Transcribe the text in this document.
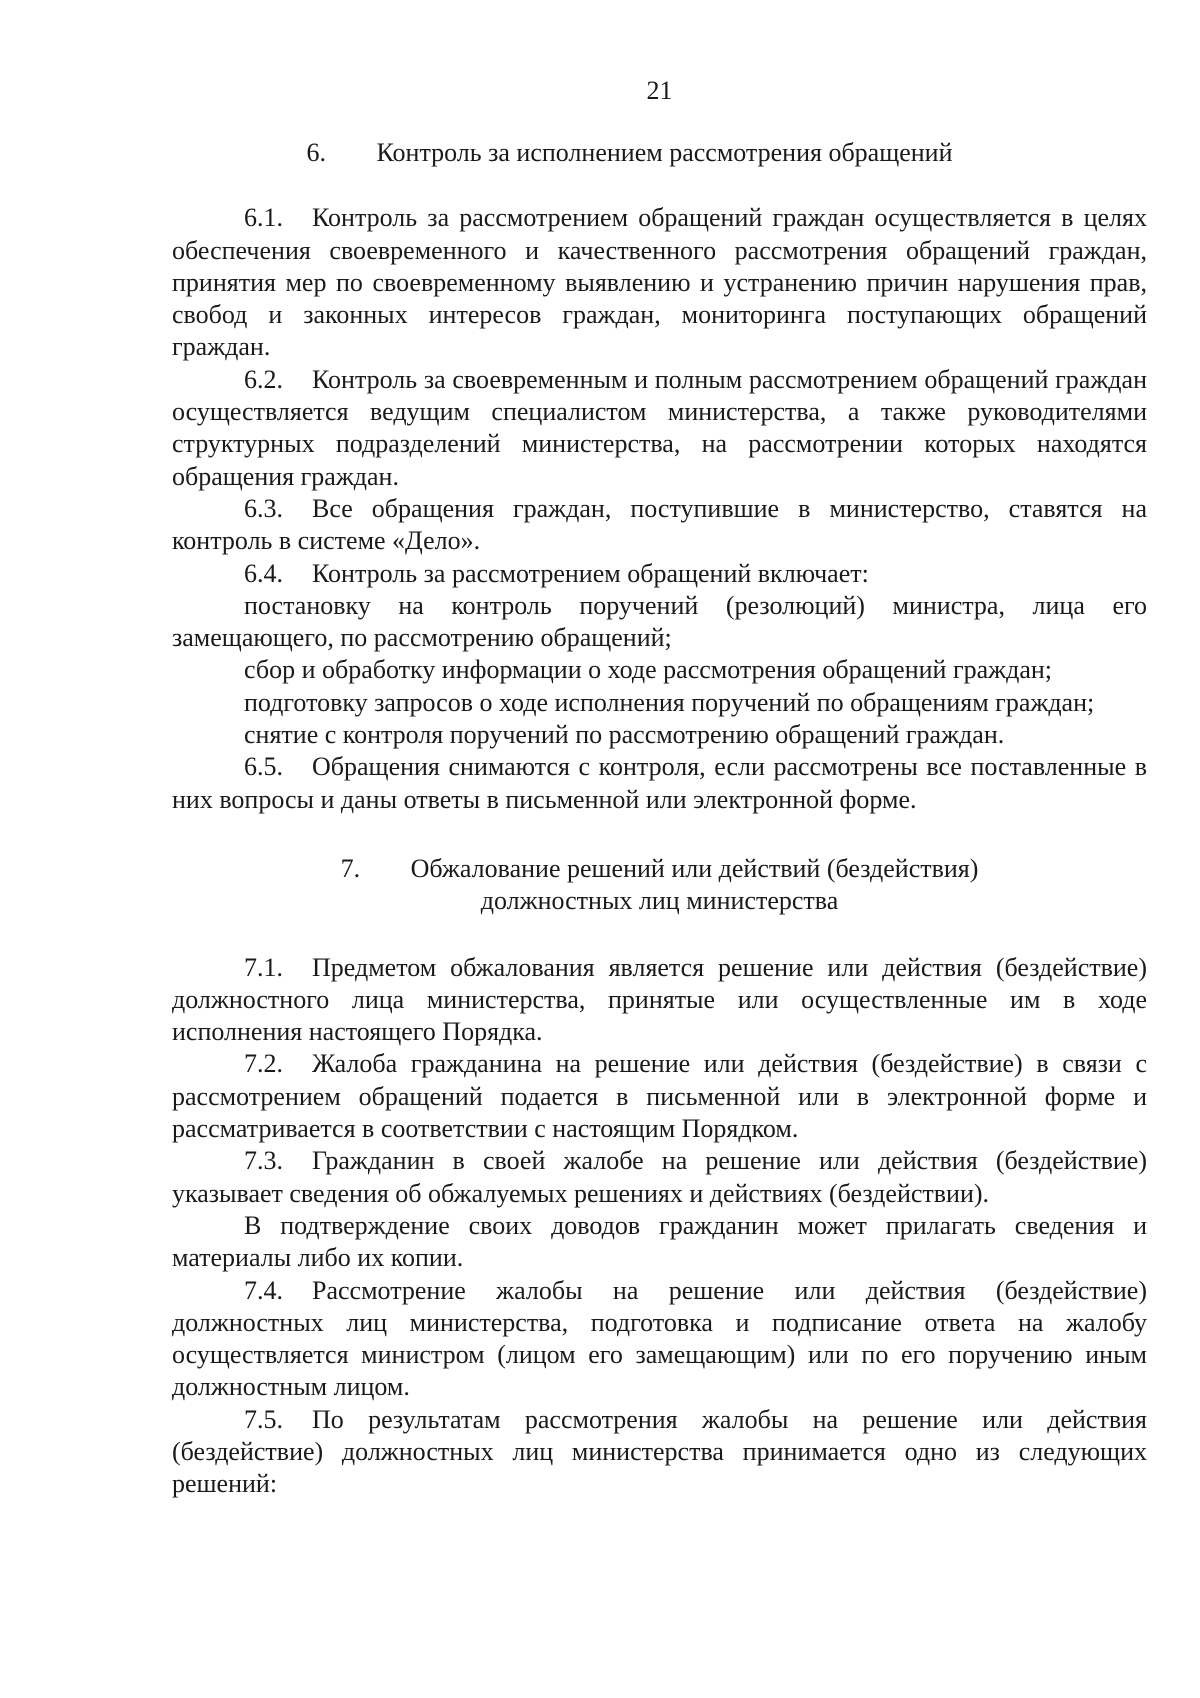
21
6. Контроль за исполнением рассмотрения обращений

6.1. Контроль за рассмотрением обращений граждан осуществляется в целях обеспечения своевременного и качественного рассмотрения обращений граждан, принятия мер по своевременному выявлению и устранению причин нарушения прав, свобод и законных интересов граждан, мониторинга поступающих обращений граждан.

6.2. Контроль за своевременным и полным рассмотрением обращений граждан осуществляется ведущим специалистом министерства, а также руководителями структурных подразделений министерства, на рассмотрении которых находятся обращения граждан.

6.3. Все обращения граждан, поступившие в министерство, ставятся на контроль в системе «Дело».

6.4. Контроль за рассмотрением обращений включает:

постановку на контроль поручений (резолюций) министра, лица его замещающего, по рассмотрению обращений;

сбор и обработку информации о ходе рассмотрения обращений граждан;

подготовку запросов о ходе исполнения поручений по обращениям граждан;

снятие с контроля поручений по рассмотрению обращений граждан.

6.5. Обращения снимаются с контроля, если рассмотрены все поставленные в них вопросы и даны ответы в письменной или электронной форме.

7. Обжалование решений или действий (бездействия)
должностных лиц министерства

7.1. Предметом обжалования является решение или действия (бездействие) должностного лица министерства, принятые или осуществленные им в ходе исполнения настоящего Порядка.

7.2. Жалоба гражданина на решение или действия (бездействие) в связи с рассмотрением обращений подается в письменной или в электронной форме и рассматривается в соответствии с настоящим Порядком.

7.3. Гражданин в своей жалобе на решение или действия (бездействие) указывает сведения об обжалуемых решениях и действиях (бездействии).

В подтверждение своих доводов гражданин может прилагать сведения и материалы либо их копии.

7.4. Рассмотрение жалобы на решение или действия (бездействие) должностных лиц министерства, подготовка и подписание ответа на жалобу осуществляется министром (лицом его замещающим) или по его поручению иным должностным лицом.

7.5. По результатам рассмотрения жалобы на решение или действия (бездействие) должностных лиц министерства принимается одно из следующих решений:
